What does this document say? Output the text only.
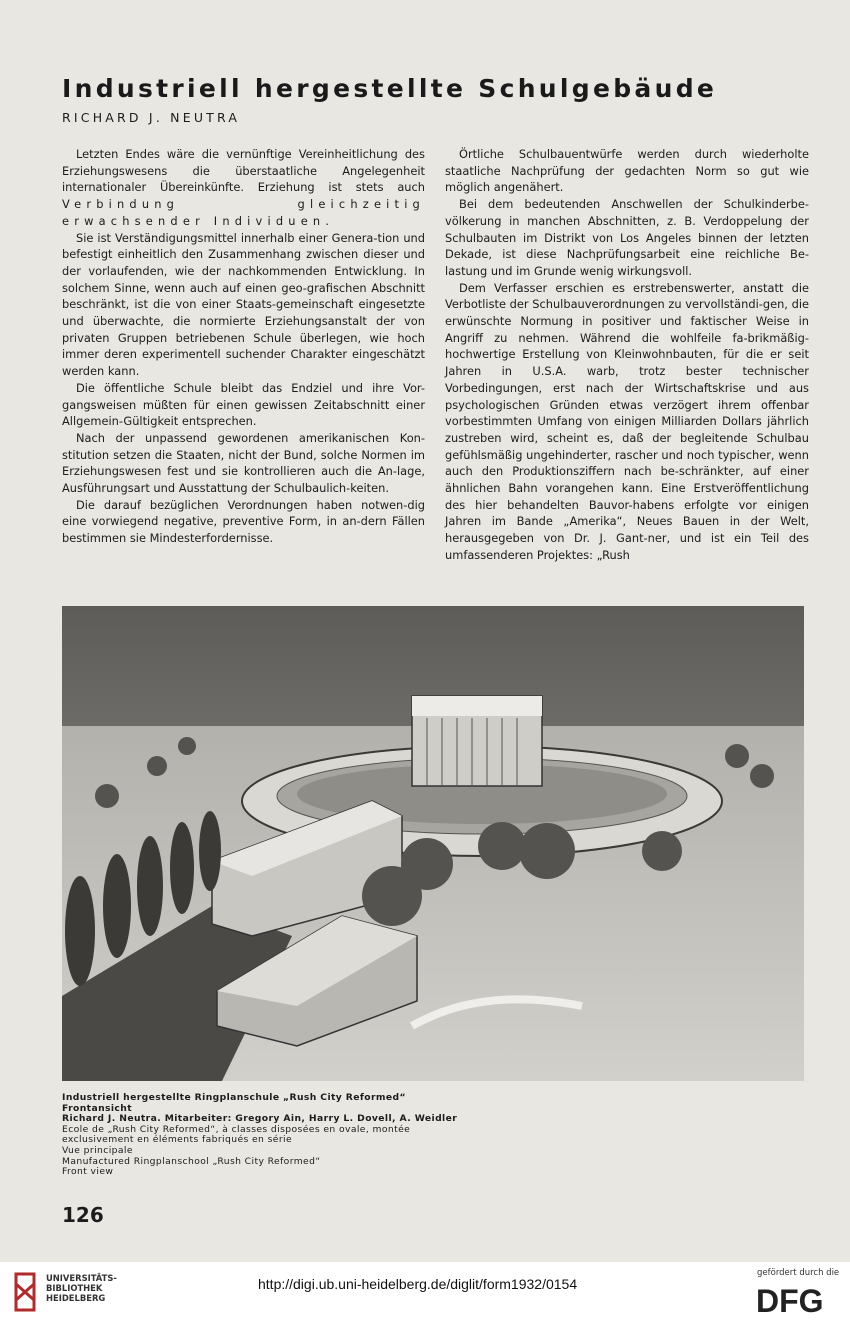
Industriell hergestellte Schulgebäude
RICHARD J. NEUTRA

Letzten Endes wäre die vernünftige Vereinheitlichung des Erziehungswesens die überstaatliche Angelegenheit internationaler Übereinkünfte. Erziehung ist stets auch Verbindung gleichzeitig erwachsender Individuen.

Sie ist Verständigungsmittel innerhalb einer Genera-tion und befestigt einheitlich den Zusammenhang zwischen dieser und der vorlaufenden, wie der nachkommenden Entwicklung. In solchem Sinne, wenn auch auf einen geo-grafischen Abschnitt beschränkt, ist die von einer Staats-gemeinschaft eingesetzte und überwachte, die normierte Erziehungsanstalt der von privaten Gruppen betriebenen Schule überlegen, wie hoch immer deren experimentell suchender Charakter eingeschätzt werden kann.

Die öffentliche Schule bleibt das Endziel und ihre Vor-gangsweisen müßten für einen gewissen Zeitabschnitt einer Allgemein-Gültigkeit entsprechen.

Nach der unpassend gewordenen amerikanischen Kon-stitution setzen die Staaten, nicht der Bund, solche Normen im Erziehungswesen fest und sie kontrollieren auch die An-lage, Ausführungsart und Ausstattung der Schulbaulich-keiten.

Die darauf bezüglichen Verordnungen haben notwen-dig eine vorwiegend negative, preventive Form, in an-dern Fällen bestimmen sie Mindesterfordernisse.

Örtliche Schulbauentwürfe werden durch wiederholte staatliche Nachprüfung der gedachten Norm so gut wie möglich angenähert.

Bei dem bedeutenden Anschwellen der Schulkinderbe-völkerung in manchen Abschnitten, z. B. Verdoppelung der Schulbauten im Distrikt von Los Angeles binnen der letzten Dekade, ist diese Nachprüfungsarbeit eine reichliche Be-lastung und im Grunde wenig wirkungsvoll.

Dem Verfasser erschien es erstrebenswerter, anstatt die Verbotliste der Schulbauverordnungen zu vervollständi-gen, die erwünschte Normung in positiver und faktischer Weise in Angriff zu nehmen. Während die wohlfeile fa-brikmäßig-hochwertige Erstellung von Kleinwohnbauten, für die er seit Jahren in U.S.A. warb, trotz bester technischer Vorbedingungen, erst nach der Wirtschaftskrise und aus psychologischen Gründen etwas verzögert ihrem offenbar vorbestimmten Umfang von einigen Milliarden Dollars jährlich zustreben wird, scheint es, daß der begleitende Schulbau gefühlsmäßig ungehinderter, rascher und noch typischer, wenn auch den Produktionsziffern nach be-schränkter, auf einer ähnlichen Bahn vorangehen kann. Eine Erstveröffentlichung des hier behandelten Bauvor-habens erfolgte vor einigen Jahren im Bande „Amerika“, Neues Bauen in der Welt, herausgegeben von Dr. J. Gant-ner, und ist ein Teil des umfassenderen Projektes: „Rush

Industriell hergestellte Ringplanschule „Rush City Reformed“
Frontansicht
Richard J. Neutra. Mitarbeiter: Gregory Ain, Harry L. Dovell, A. Weidler
Ecole de „Rush City Reformed“, à classes disposées en ovale, montée
exclusivement en éléments fabriqués en série
Vue principale
Manufactured Ringplanschool „Rush City Reformed“
Front view
126
UNIVERSITÄTS-
BIBLIOTHEK
HEIDELBERG
http://digi.ub.uni-heidelberg.de/diglit/form1932/0154
gefördert durch die
DFG
